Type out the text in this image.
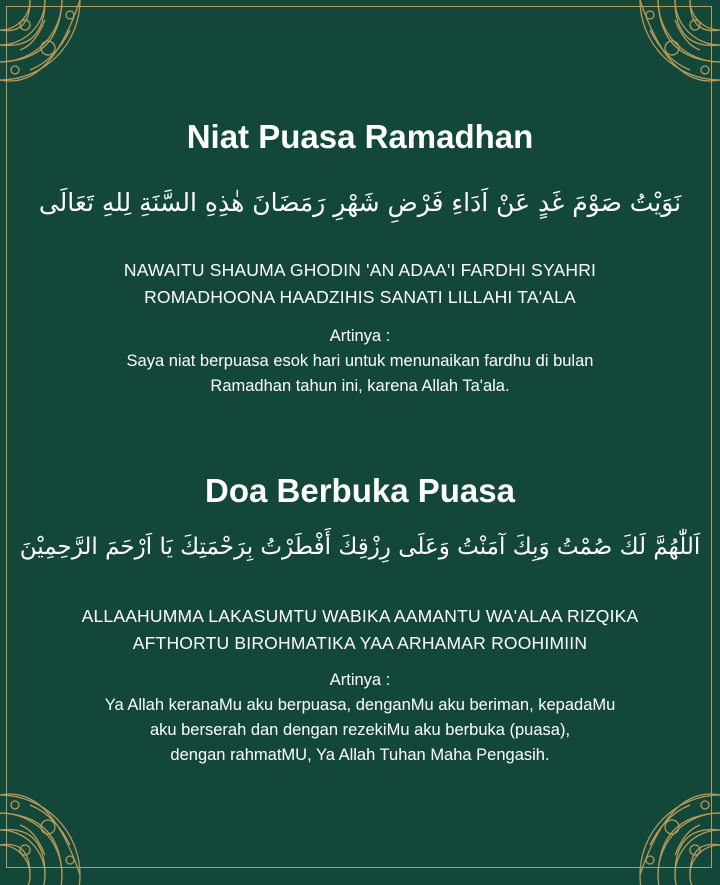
Niat Puasa Ramadhan

نَوَيْتُ صَوْمَ غَدٍ عَنْ اَدَاءِ فَرْضِ شَهْرِ رَمَضَانَ هٰذِهِ السَّنَةِ لِلهِ تَعَالَى

NAWAITU SHAUMA GHODIN 'AN ADAA'I FARDHI SYAHRI

ROMADHOONA HAADZIHIS SANATI LILLAHI TA'ALA

Artinya :

Saya niat berpuasa esok hari untuk menunaikan fardhu di bulan

Ramadhan tahun ini, karena Allah Ta'ala.

Doa Berbuka Puasa

اَللّٰهُمَّ لَكَ صُمْتُ وَبِكَ آمَنْتُ وَعَلَى رِزْقِكَ أَفْطَرْتُ بِرَحْمَتِكَ يَا اَرْحَمَ الرَّحِمِيْنَ

ALLAAHUMMA LAKASUMTU WABIKA AAMANTU WA'ALAA RIZQIKA

AFTHORTU BIROHMATIKA YAA ARHAMAR ROOHIMIIN

Artinya :

Ya Allah keranaMu aku berpuasa, denganMu aku beriman, kepadaMu

aku berserah dan dengan rezekiMu aku berbuka (puasa),

dengan rahmatMU, Ya Allah Tuhan Maha Pengasih.
